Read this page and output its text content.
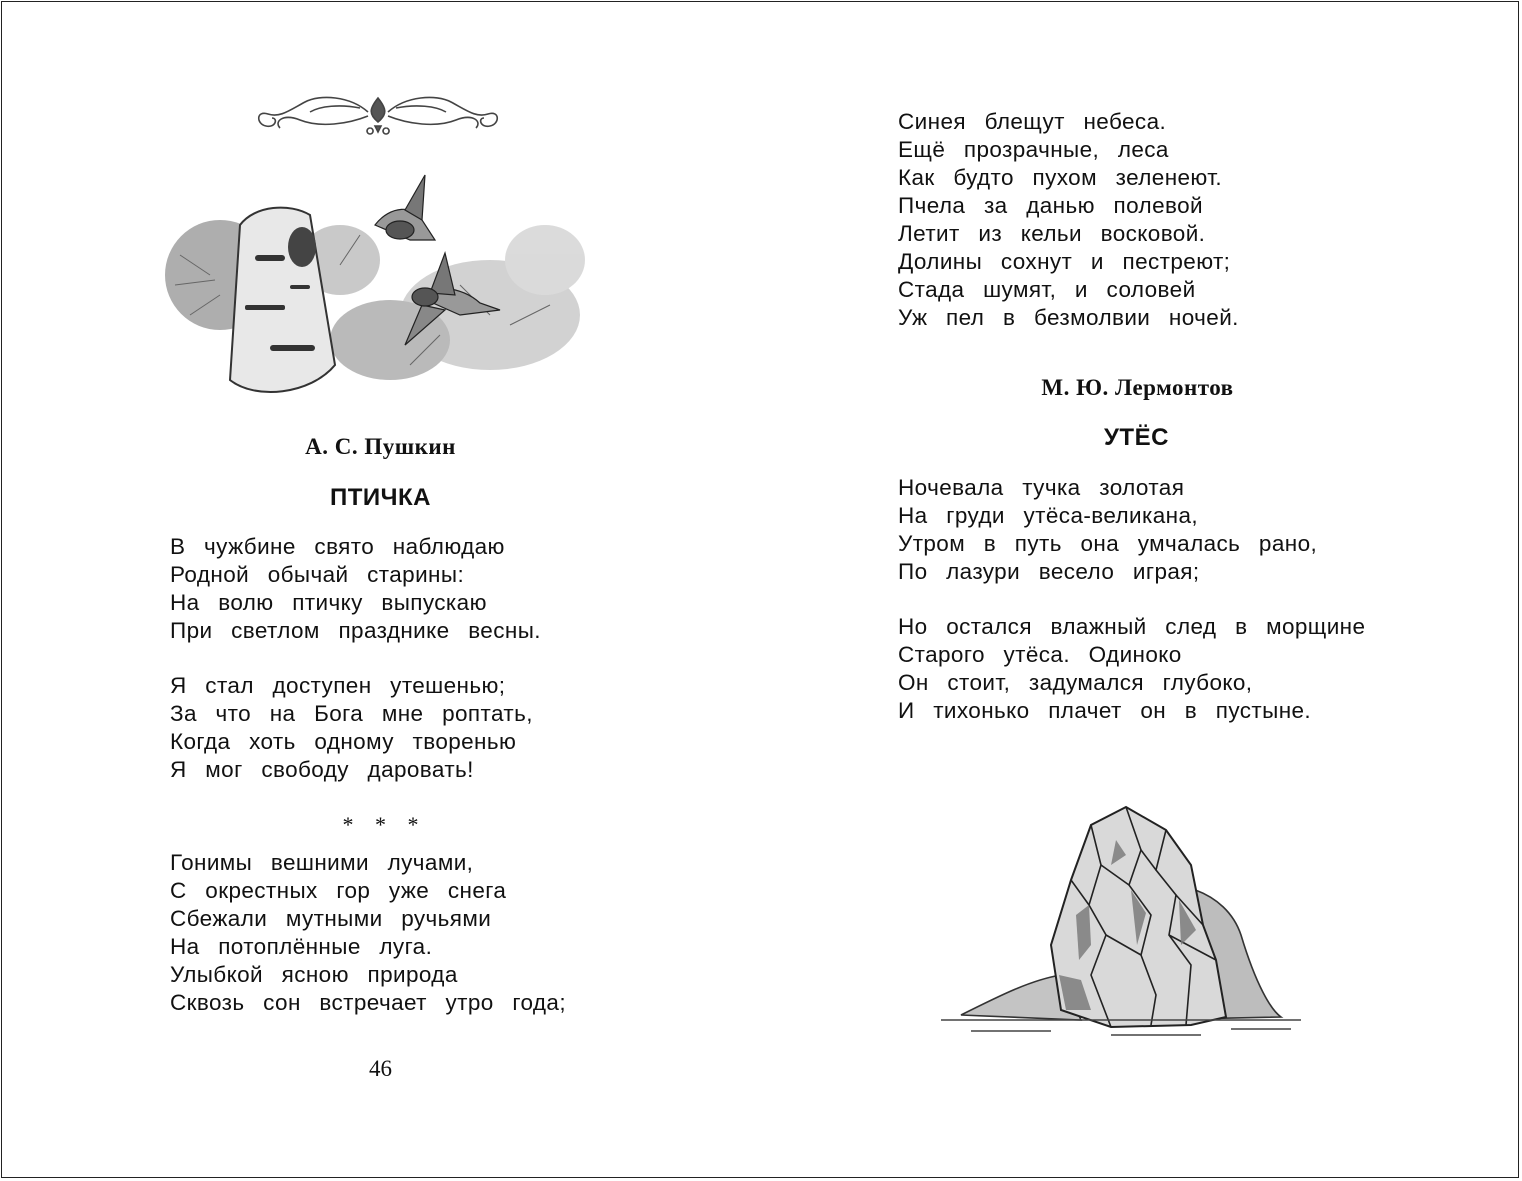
А. С. Пушкин
ПТИЧКА
В чужбине свято наблюдаю
Родной обычай старины:
На волю птичку выпускаю
При светлом празднике весны.
Я стал доступен утешенью;
За что на Бога мне роптать,
Когда хоть одному творенью
Я мог свободу даровать!
* * *
Гонимы вешними лучами,
С окрестных гор уже снега
Сбежали мутными ручьями
На потоплённые луга.
Улыбкой ясною природа
Сквозь сон встречает утро года;
46
Синея блещут небеса.
Ещё прозрачные, леса
Как будто пухом зеленеют.
Пчела за данью полевой
Летит из кельи восковой.
Долины сохнут и пестреют;
Стада шумят, и соловей
Уж пел в безмолвии ночей.
М. Ю. Лермонтов
УТЁС
Ночевала тучка золотая
На груди утёса-великана,
Утром в путь она умчалась рано,
По лазури весело играя;
Но остался влажный след в морщине
Старого утёса. Одиноко
Он стоит, задумался глубоко,
И тихонько плачет он в пустыне.
